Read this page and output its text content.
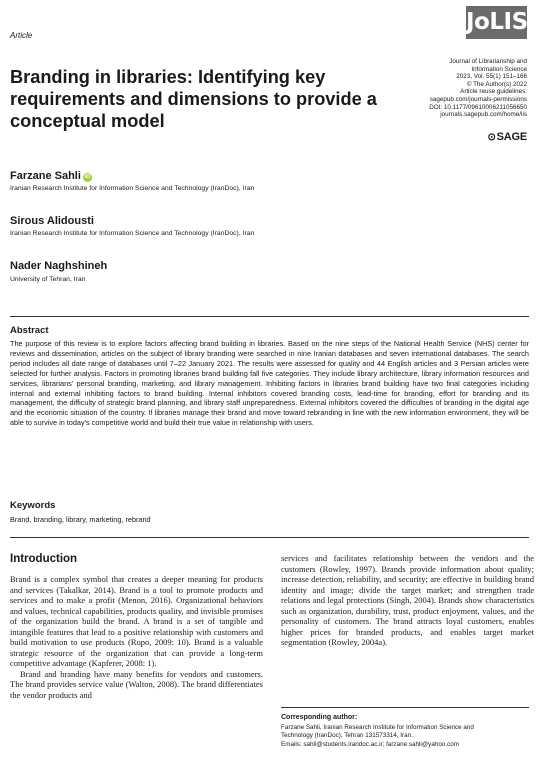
Article
JoLIS
Branding in libraries: Identifying key requirements and dimensions to provide a conceptual model
Journal of Librarianship and
Information Science
2023, Vol. 55(1) 151–166
© The Author(s) 2022
Article reuse guidelines:
sagepub.com/journals-permissions
DOI: 10.1177/09610006211056650
journals.sagepub.com/home/lis
⊙SAGE
Farzane Sahli iD
Iranian Research Institute for Information Science and Technology (IranDoc), Iran
Sirous Alidousti
Iranian Research Institute for Information Science and Technology (IranDoc), Iran
Nader Naghshineh
University of Tehran, Iran
Abstract

The purpose of this review is to explore factors affecting brand building in libraries. Based on the nine steps of the National Health Service (NHS) center for reviews and dissemination, articles on the subject of library branding were searched in nine Iranian databases and seven international databases. The search period includes all date range of databases until 7–22 January 2021. The results were assessed for quality and 44 English articles and 3 Persian articles were selected for further analysis. Factors in promoting libraries brand building fall five categories. They include library architecture, library information resources and services, librarians' personal branding, marketing, and library management. Inhibiting factors in libraries brand building have two final categories including internal and external inhibiting factors to brand building. Internal inhibitors covered branding costs, lead-time for branding, effort for branding and its management, the difficulty of strategic brand planning, and library staff unpreparedness. External inhibitors covered the difficulties of branding in the digital age and the economic situation of the country. If libraries manage their brand and move toward rebranding in line with the new information environment, they will be able to survive in today's competitive world and build their true value in relationship with users.

Keywords
Brand, branding, library, marketing, rebrand
Introduction

Brand is a complex symbol that creates a deeper meaning for products and services (Takalkar, 2014). Brand is a tool to promote products and services and to make a profit (Menon, 2016). Organizational behaviors and values, technical capabilities, products quality, and invisible promises of the organization build the brand. A brand is a set of tangible and intangible features that lead to a positive relationship with customers and build motivation to use products (Ropo, 2009: 10). Brand is a valuable strategic resource of the organization that can provide a long-term competitive advantage (Kapferer, 2008: 1).

Brand and branding have many benefits for vendors and customers. The brand provides service value (Walton, 2008). The brand differentiates the vendor products and

services and facilitates relationship between the vendors and the customers (Rowley, 1997). Brands provide information about quality; increase detection, reliability, and security; are effective in building brand identity and image; divide the target market; and strengthen trade relations and legal protections (Singh, 2004). Brands show characteristics such as organization, durability, trust, product enjoyment, values, and the personality of customers. The brand attracts loyal customers, enables higher prices for branded products, and enables target market segmentation (Rowley, 2004a).

Corresponding author:
Farzane Sahli, Iranian Research Institute for Information Science and
Technology (IranDoc), Tehran 131573314, Iran.
Emails: sahli@students.irandoc.ac.ir; farzane.sahli@yahoo.com
